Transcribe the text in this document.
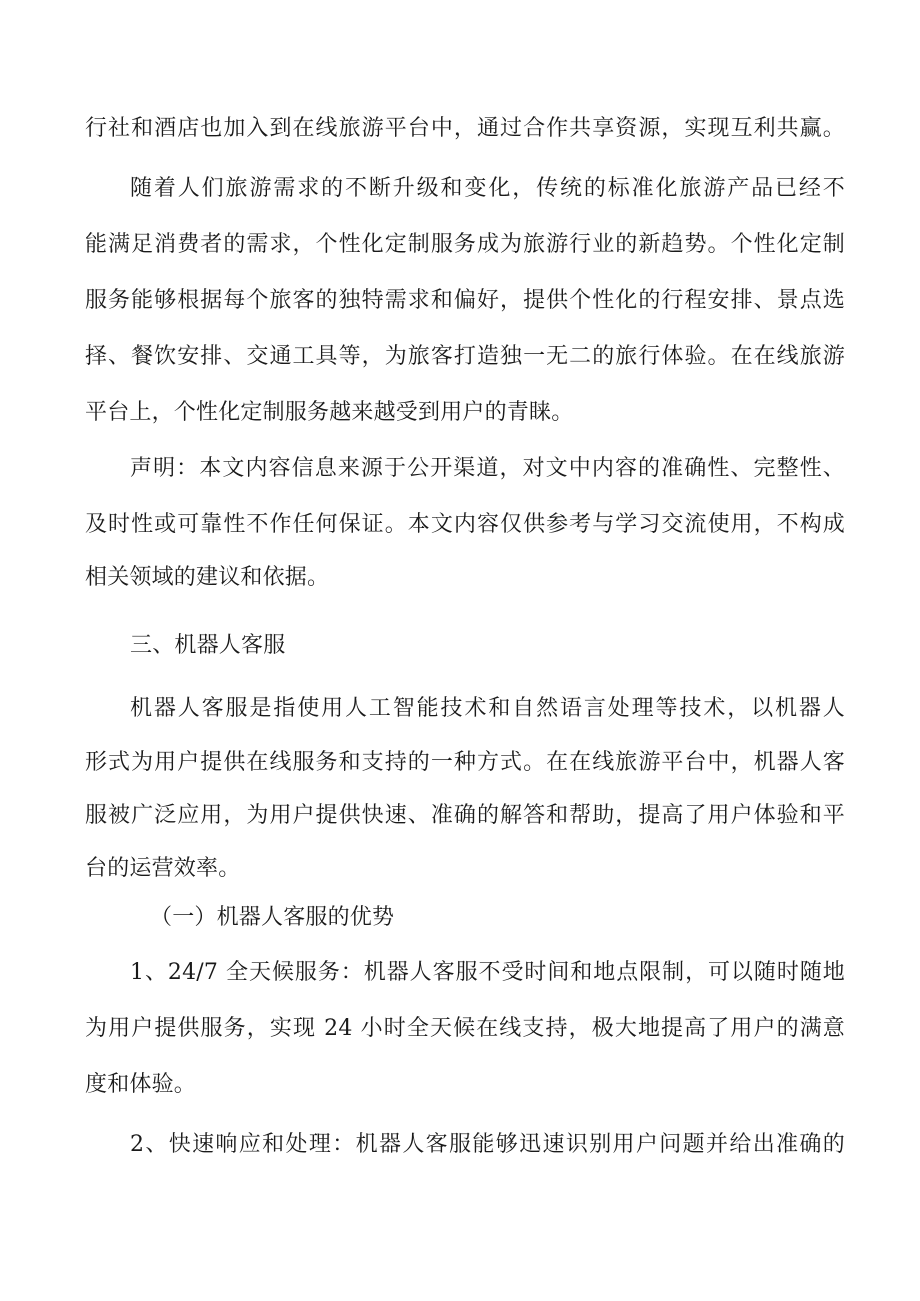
行社和酒店也加入到在线旅游平台中，通过合作共享资源，实现互利共赢。
随着人们旅游需求的不断升级和变化，传统的标准化旅游产品已经不
能满足消费者的需求，个性化定制服务成为旅游行业的新趋势。个性化定制
服务能够根据每个旅客的独特需求和偏好，提供个性化的行程安排、景点选
择、餐饮安排、交通工具等，为旅客打造独一无二的旅行体验。在在线旅游
平台上，个性化定制服务越来越受到用户的青睐。
声明：本文内容信息来源于公开渠道，对文中内容的准确性、完整性、
及时性或可靠性不作任何保证。本文内容仅供参考与学习交流使用，不构成
相关领域的建议和依据。
三、机器人客服
机器人客服是指使用人工智能技术和自然语言处理等技术，以机器人
形式为用户提供在线服务和支持的一种方式。在在线旅游平台中，机器人客
服被广泛应用，为用户提供快速、准确的解答和帮助，提高了用户体验和平
台的运营效率。
（一）机器人客服的优势
1、24/7 全天候服务：机器人客服不受时间和地点限制，可以随时随地
为用户提供服务，实现 24 小时全天候在线支持，极大地提高了用户的满意
度和体验。
2、快速响应和处理：机器人客服能够迅速识别用户问题并给出准确的
